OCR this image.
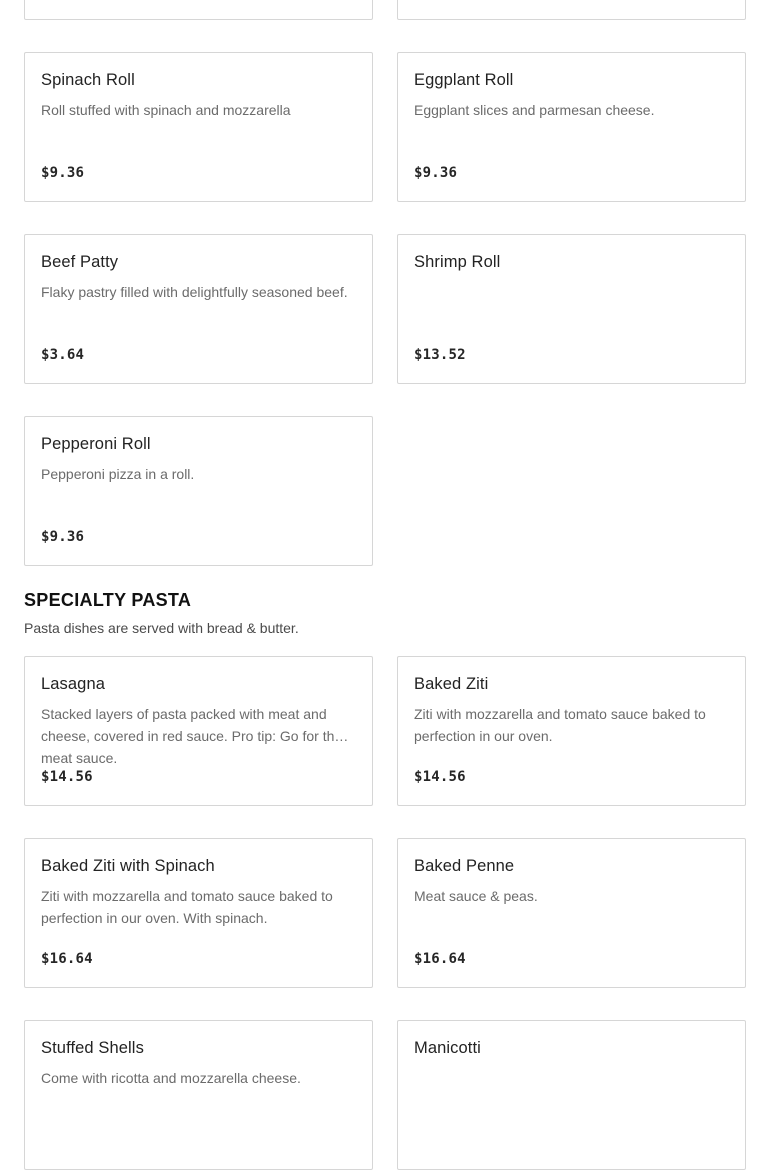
Spinach Roll
Roll stuffed with spinach and mozzarella
$9.36
Eggplant Roll
Eggplant slices and parmesan cheese.
$9.36
Beef Patty
Flaky pastry filled with delightfully seasoned beef.
$3.64
Shrimp Roll
$13.52
Pepperoni Roll
Pepperoni pizza in a roll.
$9.36
SPECIALTY PASTA
Pasta dishes are served with bread & butter.
Lasagna
Stacked layers of pasta packed with meat and cheese, covered in red sauce. Pro tip: Go for the meat sauce.
$14.56
Baked Ziti
Ziti with mozzarella and tomato sauce baked to perfection in our oven.
$14.56
Baked Ziti with Spinach
Ziti with mozzarella and tomato sauce baked to perfection in our oven. With spinach.
$16.64
Baked Penne
Meat sauce & peas.
$16.64
Stuffed Shells
Come with ricotta and mozzarella cheese.
Manicotti
